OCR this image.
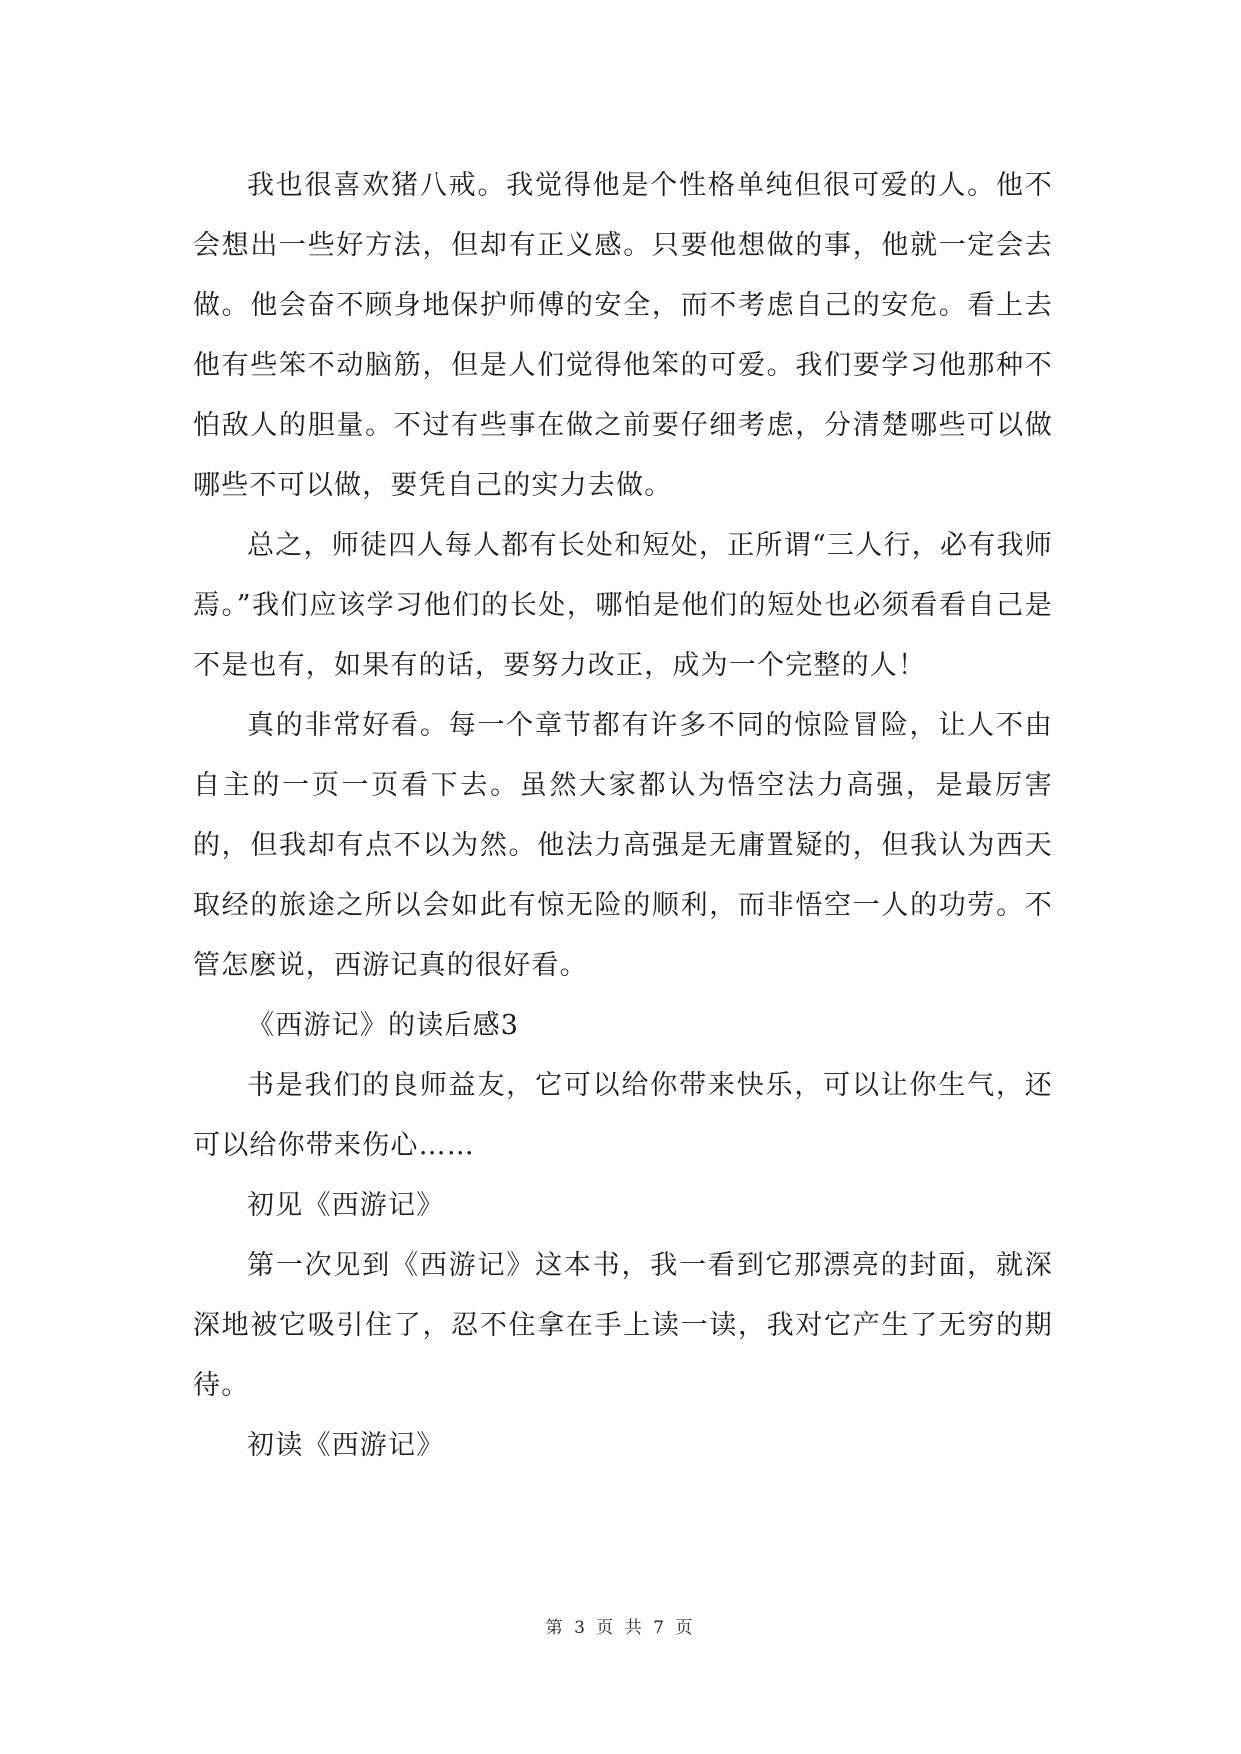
我也很喜欢猪八戒。我觉得他是个性格单纯但很可爱的人。他不会想出一些好方法，但却有正义感。只要他想做的事，他就一定会去做。他会奋不顾身地保护师傅的安全，而不考虑自己的安危。看上去他有些笨不动脑筋，但是人们觉得他笨的可爱。我们要学习他那种不怕敌人的胆量。不过有些事在做之前要仔细考虑，分清楚哪些可以做哪些不可以做，要凭自己的实力去做。

总之，师徒四人每人都有长处和短处，正所谓“三人行，必有我师焉。”我们应该学习他们的长处，哪怕是他们的短处也必须看看自己是不是也有，如果有的话，要努力改正，成为一个完整的人！

真的非常好看。每一个章节都有许多不同的惊险冒险，让人不由自主的一页一页看下去。虽然大家都认为悟空法力高强，是最厉害的，但我却有点不以为然。他法力高强是无庸置疑的，但我认为西天取经的旅途之所以会如此有惊无险的顺利，而非悟空一人的功劳。不管怎麽说，西游记真的很好看。

《西游记》的读后感3

书是我们的良师益友，它可以给你带来快乐，可以让你生气，还可以给你带来伤心……

初见《西游记》

第一次见到《西游记》这本书，我一看到它那漂亮的封面，就深深地被它吸引住了，忍不住拿在手上读一读，我对它产生了无穷的期待。

初读《西游记》

第 3 页 共 7 页
